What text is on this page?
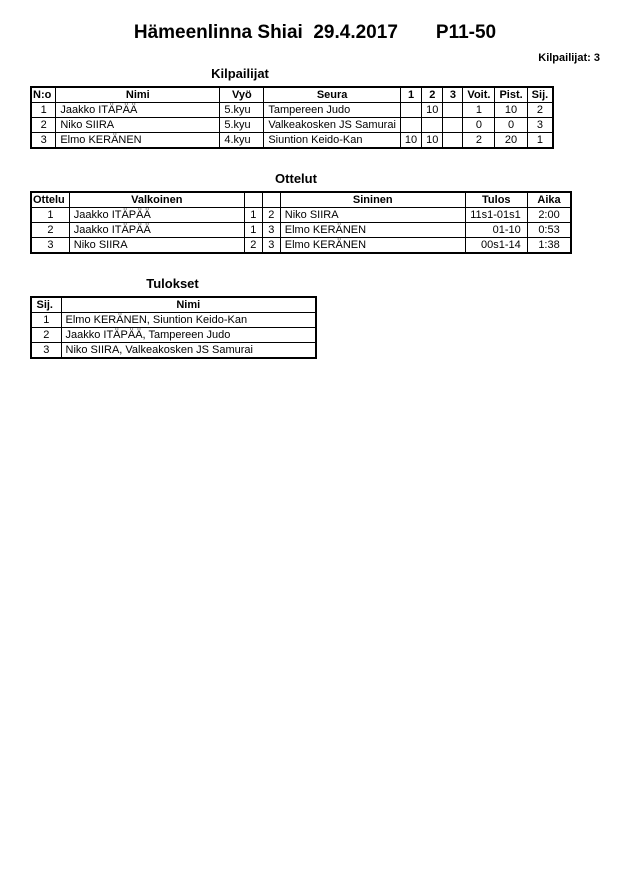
Hämeenlinna Shiai  29.4.2017 P11-50
Kilpailijat: 3
Kilpailijat
N:o	Nimi	Vyö	Seura	1	2	3	Voit.	Pist.	Sij.
1	Jaakko ITÄPÄÄ	5.kyu	Tampereen Judo		10		1	10	2
2	Niko SIIRA	5.kyu	Valkeakosken JS Samurai				0	0	3
3	Elmo KERÄNEN	4.kyu	Siuntion Keido-Kan	10	10		2	20	1
Ottelut
Ottelu	Valkoinen			Sininen	Tulos	Aika
1	Jaakko ITÄPÄÄ	1	2	Niko SIIRA	11s1-01s1	2:00
2	Jaakko ITÄPÄÄ	1	3	Elmo KERÄNEN	01-10	0:53
3	Niko SIIRA	2	3	Elmo KERÄNEN	00s1-14	1:38
Tulokset
Sij.	Nimi
1	Elmo KERÄNEN, Siuntion Keido-Kan
2	Jaakko ITÄPÄÄ, Tampereen Judo
3	Niko SIIRA, Valkeakosken JS Samurai
